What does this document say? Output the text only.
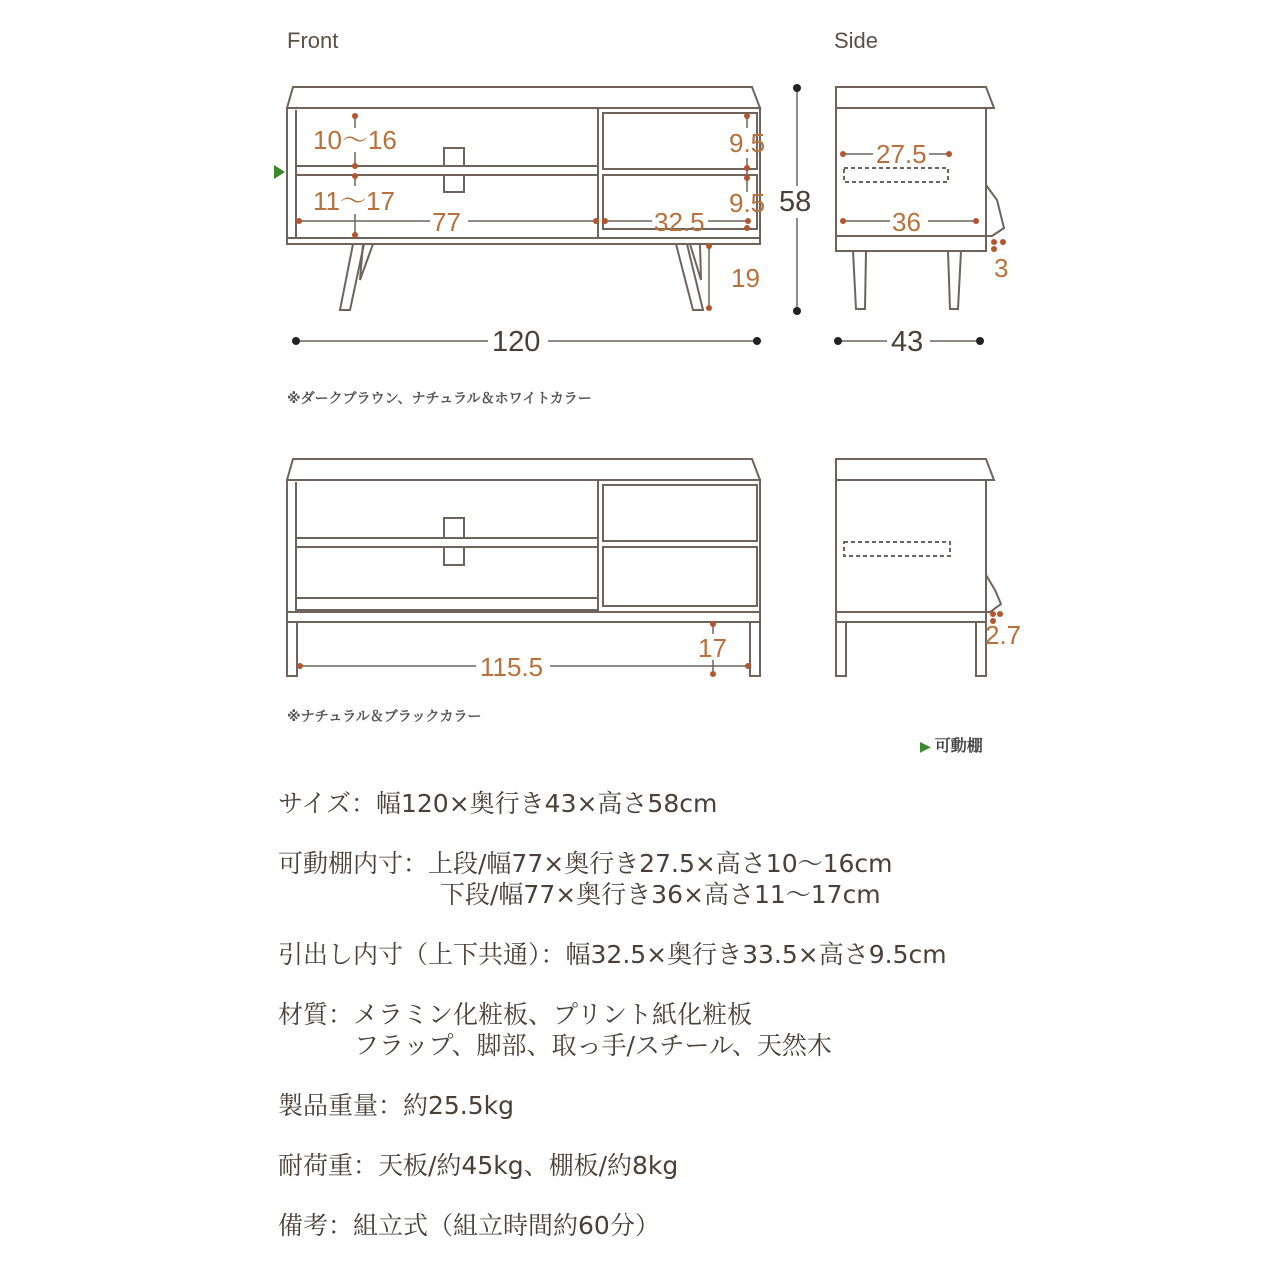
Front	Side
10～16
11～17
77	32.5
9.5
9.5
19
120
58
27.5
36
3
43
※ダークブラウン、ナチュラル＆ホワイトカラー
115.5
17	2.7
※ナチュラル＆ブラックカラー
▶ 可動棚
サイズ：幅120×奥行き43×高さ58cm
可動棚内寸：上段/幅77×奥行き27.5×高さ10～16cm
下段/幅77×奥行き36×高さ11～17cm
引出し内寸（上下共通）：幅32.5×奥行き33.5×高さ9.5cm
材質：メラミン化粧板、プリント紙化粧板
フラップ、脚部、取っ手/スチール、天然木
製品重量：約25.5kg
耐荷重：天板/約45kg、棚板/約8kg
備考：組立式（組立時間約60分）
